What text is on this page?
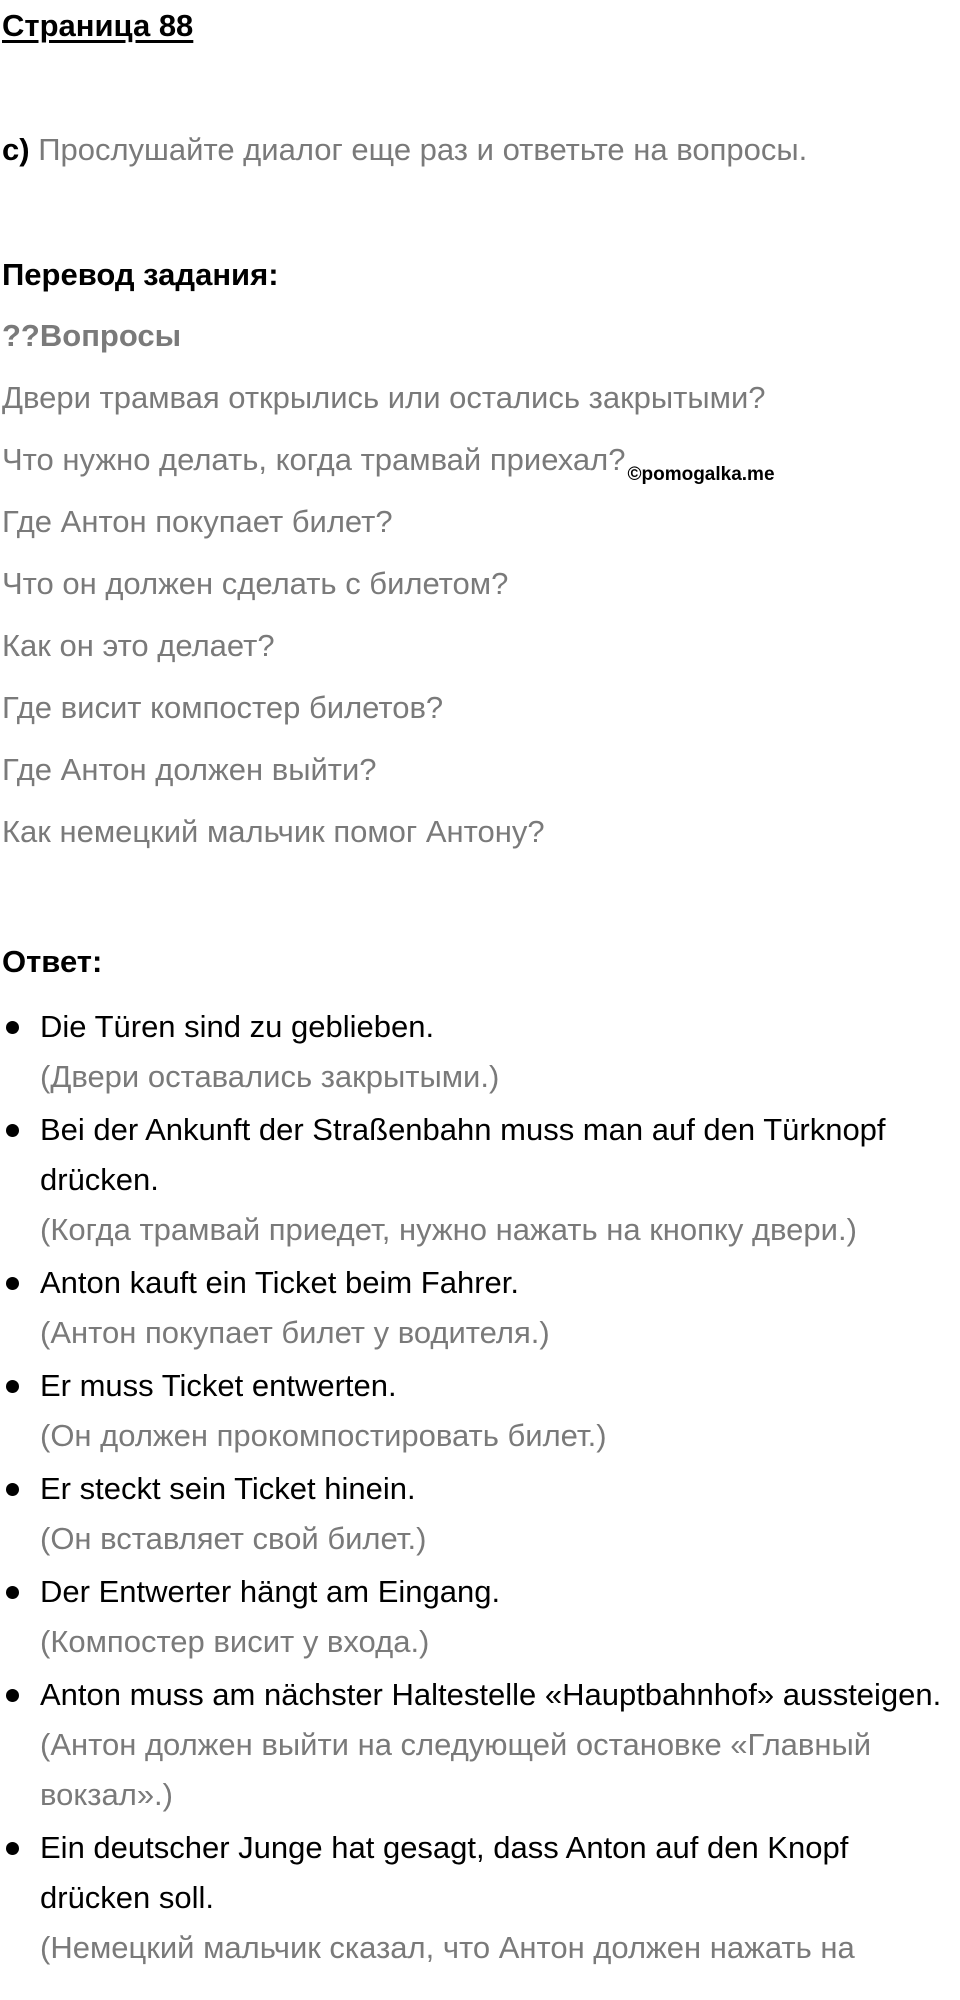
Страница 88
с) Прослушайте диалог еще раз и ответьте на вопросы.
Перевод задания:
??Вопросы
Двери трамвая открылись или остались закрытыми?
Что нужно делать, когда трамвай приехал? $_{©pomogalka.me}$
Где Антон покупает билет?
Что он должен сделать с билетом?
Как он это делает?
Где висит компостер билетов?
Где Антон должен выйти?
Как немецкий мальчик помог Антону?
Ответ:
Die Türen sind zu geblieben.
(Двери оставались закрытыми.)
Bei der Ankunft der Straßenbahn muss man auf den Türknopf drücken.
(Когда трамвай приедет, нужно нажать на кнопку двери.)
Anton kauft ein Ticket beim Fahrer.
(Антон покупает билет у водителя.)
Er muss Ticket entwerten.
(Он должен прокомпостировать билет.)
Er steckt sein Ticket hinein.
(Он вставляет свой билет.)
Der Entwerter hängt am Eingang.
(Компостер висит у входа.)
Anton muss am nächster Haltestelle «Hauptbahnhof» aussteigen.
(Антон должен выйти на следующей остановке «Главный вокзал».)
Ein deutscher Junge hat gesagt, dass Anton auf den Knopf drücken soll.
(Немецкий мальчик сказал, что Антон должен нажать на
